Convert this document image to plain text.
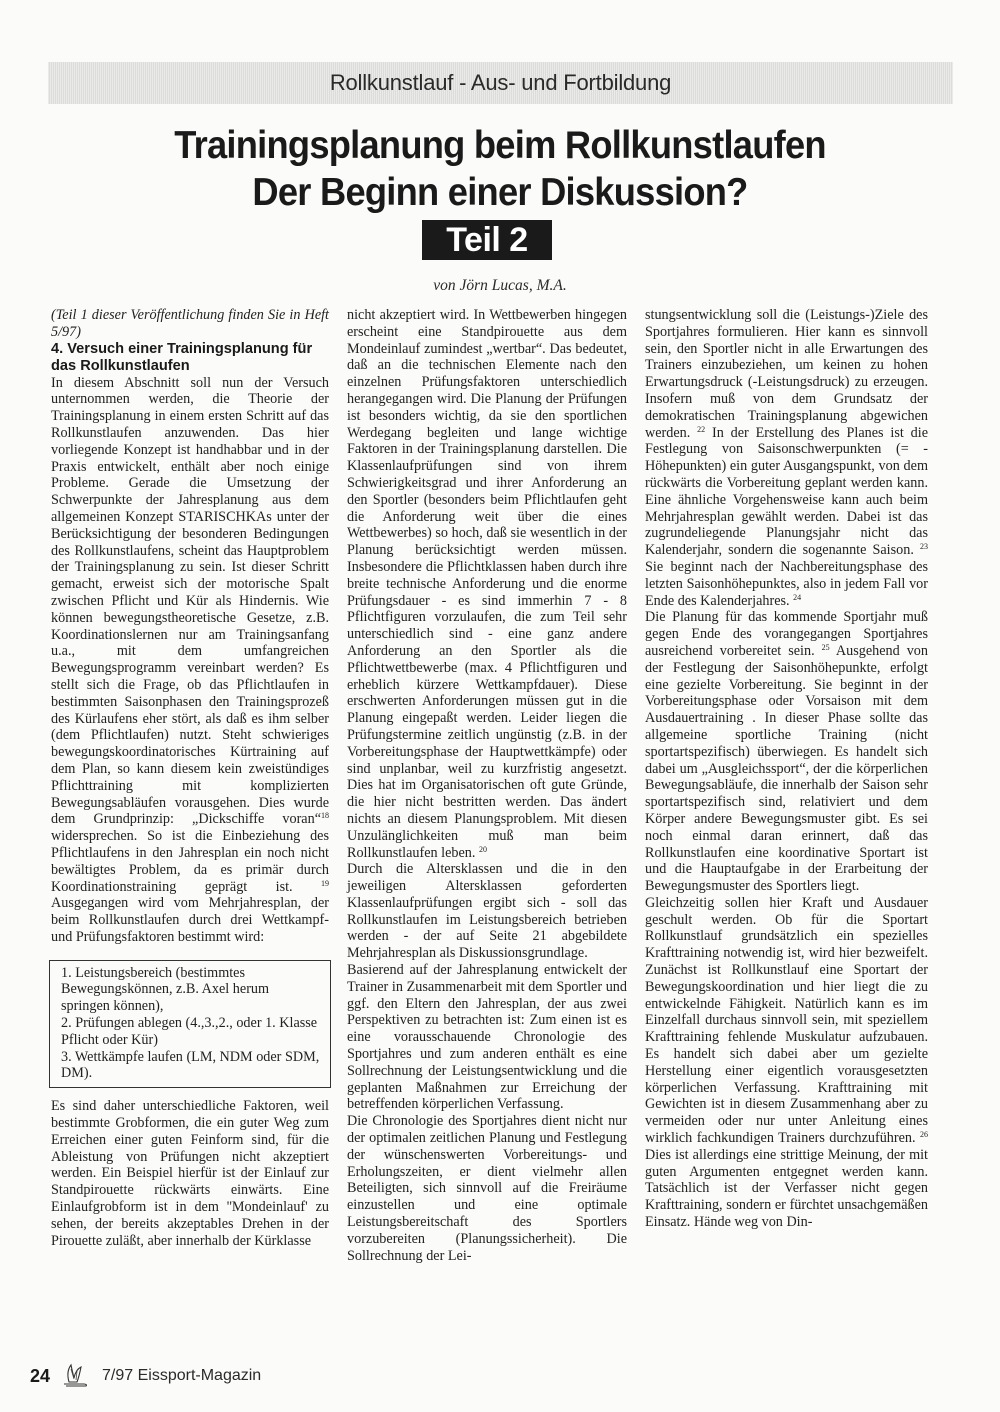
Rollkunstlauf - Aus- und Fortbildung
Trainingsplanung beim Rollkunstlaufen
Der Beginn einer Diskussion?
Teil 2
von Jörn Lucas, M.A.

(Teil 1 dieser Veröffentlichung finden Sie in Heft 5/97)

4. Versuch einer Trainingsplanung für das Rollkunstlaufen

In diesem Abschnitt soll nun der Versuch unternommen werden, die Theorie der Trainingsplanung in einem ersten Schritt auf das Rollkunstlaufen anzuwenden. Das hier vorliegende Konzept ist handhabbar und in der Praxis entwickelt, enthält aber noch einige Probleme. Gerade die Umsetzung der Schwerpunkte der Jahresplanung aus dem allgemeinen Konzept STARISCHKAs unter der Berücksichtigung der besonderen Bedingungen des Rollkunstlaufens, scheint das Hauptproblem der Trainingsplanung zu sein. Ist dieser Schritt gemacht, erweist sich der motorische Spalt zwischen Pflicht und Kür als Hindernis. Wie können bewegungstheoretische Gesetze, z.B. Koordinationslernen nur am Trainingsanfang u.a., mit dem umfangreichen Bewegungsprogramm vereinbart werden? Es stellt sich die Frage, ob das Pflichtlaufen in bestimmten Saisonphasen den Trainingsprozeß des Kürlaufens eher stört, als daß es ihm selber (dem Pflichtlaufen) nutzt. Steht schwieriges bewegungskoordinatorisches Kürtraining auf dem Plan, so kann diesem kein zweistündiges Pflichttraining mit komplizierten Bewegungsabläufen vorausgehen. Dies wurde dem Grundprinzip: „Dickschiffe voran“$^{18}$ widersprechen. So ist die Einbeziehung des Pflichtlaufens in den Jahresplan ein noch nicht bewältigtes Problem, da es primär durch Koordinationstraining geprägt ist. $^{19}$ Ausgegangen wird vom Mehrjahresplan, der beim Rollkunstlaufen durch drei Wettkampf- und Prüfungsfaktoren bestimmt wird:

1. Leistungsbereich (bestimmtes Bewegungskönnen, z.B. Axel herum springen können),
2. Prüfungen ablegen (4.,3.,2., oder 1. Klasse Pflicht oder Kür)
3. Wettkämpfe laufen (LM, NDM oder SDM, DM).

Es sind daher unterschiedliche Faktoren, weil bestimmte Grobformen, die ein guter Weg zum Erreichen einer guten Feinform sind, für die Ableistung von Prüfungen nicht akzeptiert werden. Ein Beispiel hierfür ist der Einlauf zur Standpirouette rückwärts einwärts. Eine Einlaufgrobform ist in dem ''Mondeinlauf' zu sehen, der bereits akzeptables Drehen in der Pirouette zuläßt, aber innerhalb der Kürklasse

nicht akzeptiert wird. In Wettbewerben hingegen erscheint eine Standpirouette aus dem Mondeinlauf zumindest „wertbar“. Das bedeutet, daß an die technischen Elemente nach den einzelnen Prüfungsfaktoren unterschiedlich herangegangen wird. Die Planung der Prüfungen ist besonders wichtig, da sie den sportlichen Werdegang begleiten und lange wichtige Faktoren in der Trainingsplanung darstellen. Die Klassenlaufprüfungen sind von ihrem Schwierigkeitsgrad und ihrer Anforderung an den Sportler (besonders beim Pflichtlaufen geht die Anforderung weit über die eines Wettbewerbes) so hoch, daß sie wesentlich in der Planung berücksichtigt werden müssen. Insbesondere die Pflichtklassen haben durch ihre breite technische Anforderung und die enorme Prüfungsdauer - es sind immerhin 7 - 8 Pflichtfiguren vorzulaufen, die zum Teil sehr unterschiedlich sind - eine ganz andere Anforderung an den Sportler als die Pflichtwettbewerbe (max. 4 Pflichtfiguren und erheblich kürzere Wettkampfdauer). Diese erschwerten Anforderungen müssen gut in die Planung eingepaßt werden. Leider liegen die Prüfungstermine zeitlich ungünstig (z.B. in der Vorbereitungsphase der Hauptwettkämpfe) oder sind unplanbar, weil zu kurzfristig angesetzt. Dies hat im Organisatorischen oft gute Gründe, die hier nicht bestritten werden. Das ändert nichts an diesem Planungsproblem. Mit diesen Unzulänglichkeiten muß man beim Rollkunstlaufen leben. $^{20}$

Durch die Altersklassen und die in den jeweiligen Altersklassen geforderten Klassenlaufprüfungen ergibt sich - soll das Rollkunstlaufen im Leistungsbereich betrieben werden - der auf Seite 21 abgebildete Mehrjahresplan als Diskussionsgrundlage.

Basierend auf der Jahresplanung entwickelt der Trainer in Zusammenarbeit mit dem Sportler und ggf. den Eltern den Jahresplan, der aus zwei Perspektiven zu betrachten ist: Zum einen ist es eine vorausschauende Chronologie des Sportjahres und zum anderen enthält es eine Sollrechnung der Leistungsentwicklung und die geplanten Maßnahmen zur Erreichung der betreffenden körperlichen Verfassung.

Die Chronologie des Sportjahres dient nicht nur der optimalen zeitlichen Planung und Festlegung der wünschenswerten Vorbereitungs- und Erholungszeiten, er dient vielmehr allen Beteiligten, sich sinnvoll auf die Freiräume einzustellen und eine optimale Leistungsbereitschaft des Sportlers vorzubereiten (Planungssicherheit). Die Sollrechnung der Lei-

stungsentwicklung soll die (Leistungs-)Ziele des Sportjahres formulieren. Hier kann es sinnvoll sein, den Sportler nicht in alle Erwartungen des Trainers einzubeziehen, um keinen zu hohen Erwartungsdruck (-Leistungsdruck) zu erzeugen. Insofern muß von dem Grundsatz der demokratischen Trainingsplanung abgewichen werden. $^{22}$ In der Erstellung des Planes ist die Festlegung von Saisonschwerpunkten (= - Höhepunkten) ein guter Ausgangspunkt, von dem rückwärts die Vorbereitung geplant werden kann. Eine ähnliche Vorgehensweise kann auch beim Mehrjahresplan gewählt werden. Dabei ist das zugrundeliegende Planungsjahr nicht das Kalenderjahr, sondern die sogenannte Saison. $^{23}$ Sie beginnt nach der Nachbereitungsphase des letzten Saisonhöhepunktes, also in jedem Fall vor Ende des Kalenderjahres. $^{24}$

Die Planung für das kommende Sportjahr muß gegen Ende des vorangegangen Sportjahres ausreichend vorbereitet sein. $^{25}$ Ausgehend von der Festlegung der Saisonhöhepunkte, erfolgt eine gezielte Vorbereitung. Sie beginnt in der Vorbereitungsphase oder Vorsaison mit dem Ausdauertraining . In dieser Phase sollte das allgemeine sportliche Training (nicht sportartspezifisch) überwiegen. Es handelt sich dabei um „Ausgleichssport“, der die körperlichen Bewegungsabläufe, die innerhalb der Saison sehr sportartspezifisch sind, relativiert und dem Körper andere Bewegungsmuster gibt. Es sei noch einmal daran erinnert, daß das Rollkunstlaufen eine koordinative Sportart ist und die Hauptaufgabe in der Erarbeitung der Bewegungsmuster des Sportlers liegt.

Gleichzeitig sollen hier Kraft und Ausdauer geschult werden. Ob für die Sportart Rollkunstlauf grundsätzlich ein spezielles Krafttraining notwendig ist, wird hier bezweifelt. Zunächst ist Rollkunstlauf eine Sportart der Bewegungskoordination und hier liegt die zu entwickelnde Fähigkeit. Natürlich kann es im Einzelfall durchaus sinnvoll sein, mit speziellem Krafttraining fehlende Muskulatur aufzubauen. Es handelt sich dabei aber um gezielte Herstellung einer eigentlich vorausgesetzten körperlichen Verfassung. Krafttraining mit Gewichten ist in diesem Zusammenhang aber zu vermeiden oder nur unter Anleitung eines wirklich fachkundigen Trainers durchzuführen. $^{26}$ Dies ist allerdings eine strittige Meinung, der mit guten Argumenten entgegnet werden kann. Tatsächlich ist der Verfasser nicht gegen Krafttraining, sondern er fürchtet unsachgemäßen Einsatz. Hände weg von Din-

24	7/97 Eissport-Magazin
